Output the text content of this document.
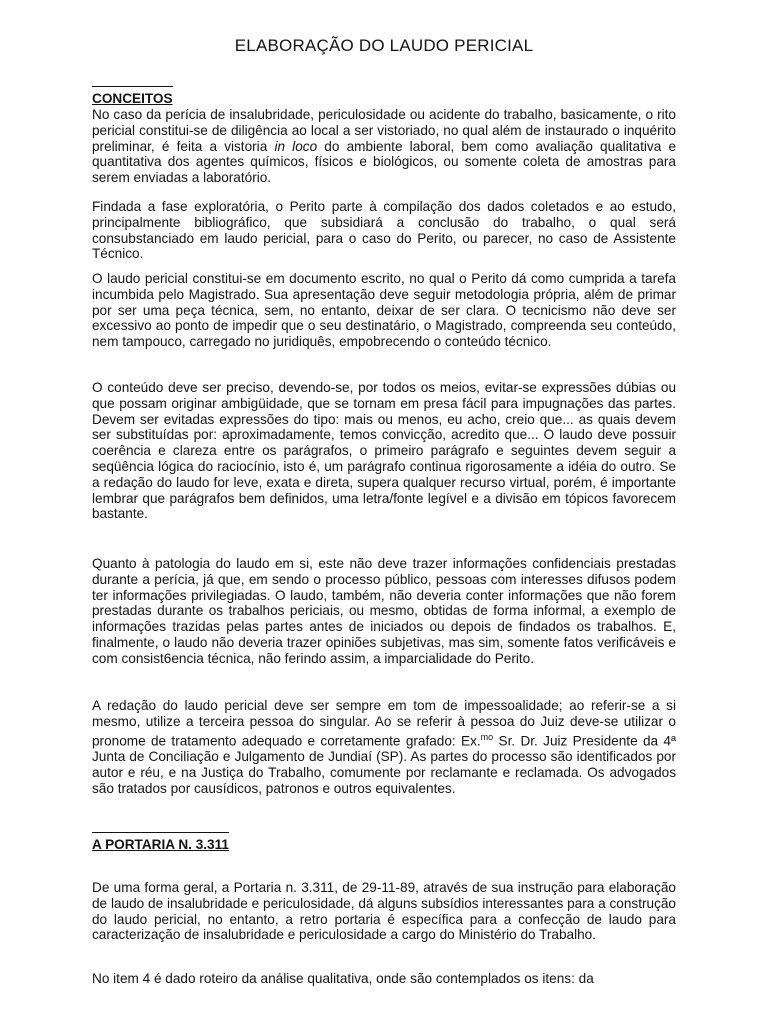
ELABORAÇÃO DO LAUDO PERICIAL
CONCEITOS

No caso da perícia de insalubridade, periculosidade ou acidente do trabalho, basicamente, o rito pericial constitui-se de diligência ao local a ser vistoriado, no qual além de instaurado o inquérito preliminar, é feita a vistoria in loco do ambiente laboral, bem como avaliação qualitativa e quantitativa dos agentes químicos, físicos e biológicos, ou somente coleta de amostras para serem enviadas a laboratório.

Findada a fase exploratória, o Perito parte à compilação dos dados coletados e ao estudo, principalmente bibliográfico, que subsidiará a conclusão do trabalho, o qual será consubstanciado em laudo pericial, para o caso do Perito, ou parecer, no caso de Assistente Técnico.

O laudo pericial constitui-se em documento escrito, no qual o Perito dá como cumprida a tarefa incumbida pelo Magistrado. Sua apresentação deve seguir metodologia própria, além de primar por ser uma peça técnica, sem, no entanto, deixar de ser clara. O tecnicismo não deve ser excessivo ao ponto de impedir que o seu destinatário, o Magistrado, compreenda seu conteúdo, nem tampouco, carregado no juridiquês, empobrecendo o conteúdo técnico.

O conteúdo deve ser preciso, devendo-se, por todos os meios, evitar-se expressões dúbias ou que possam originar ambigüidade, que se tornam em presa fácil para impugnações das partes. Devem ser evitadas expressões do tipo: mais ou menos, eu acho, creio que... as quais devem ser substituídas por: aproximadamente, temos convicção, acredito que... O laudo deve possuir coerência e clareza entre os parágrafos, o primeiro parágrafo e seguintes devem seguir a seqüência lógica do raciocínio, isto é, um parágrafo continua rigorosamente a idéia do outro. Se a redação do laudo for leve, exata e direta, supera qualquer recurso virtual, porém, é importante lembrar que parágrafos bem definidos, uma letra/fonte legível e a divisão em tópicos favorecem bastante.

Quanto à patologia do laudo em si, este não deve trazer informações confidenciais prestadas durante a perícia, já que, em sendo o processo público, pessoas com interesses difusos podem ter informações privilegiadas. O laudo, também, não deveria conter informações que não forem prestadas durante os trabalhos periciais, ou mesmo, obtidas de forma informal, a exemplo de informações trazidas pelas partes antes de iniciados ou depois de findados os trabalhos. E, finalmente, o laudo não deveria trazer opiniões subjetivas, mas sim, somente fatos verificáveis e com consist6encia técnica, não ferindo assim, a imparcialidade do Perito.

A redação do laudo pericial deve ser sempre em tom de impessoalidade; ao referir-se a si mesmo, utilize a terceira pessoa do singular. Ao se referir à pessoa do Juiz deve-se utilizar o pronome de tratamento adequado e corretamente grafado: Ex.$^{mo}$ Sr. Dr. Juiz Presidente da 4ª Junta de Conciliação e Julgamento de Jundiaí (SP). As partes do processo são identificados por autor e réu, e na Justiça do Trabalho, comumente por reclamante e reclamada. Os advogados são tratados por causídicos, patronos e outros equivalentes.

A PORTARIA N. 3.311

De uma forma geral, a Portaria n. 3.311, de 29-11-89, através de sua instrução para elaboração de laudo de insalubridade e periculosidade, dá alguns subsídios interessantes para a construção do laudo pericial, no entanto, a retro portaria é específica para a confecção de laudo para caracterização de insalubridade e periculosidade a cargo do Ministério do Trabalho.

No item 4 é dado roteiro da análise qualitativa, onde são contemplados os itens: da
